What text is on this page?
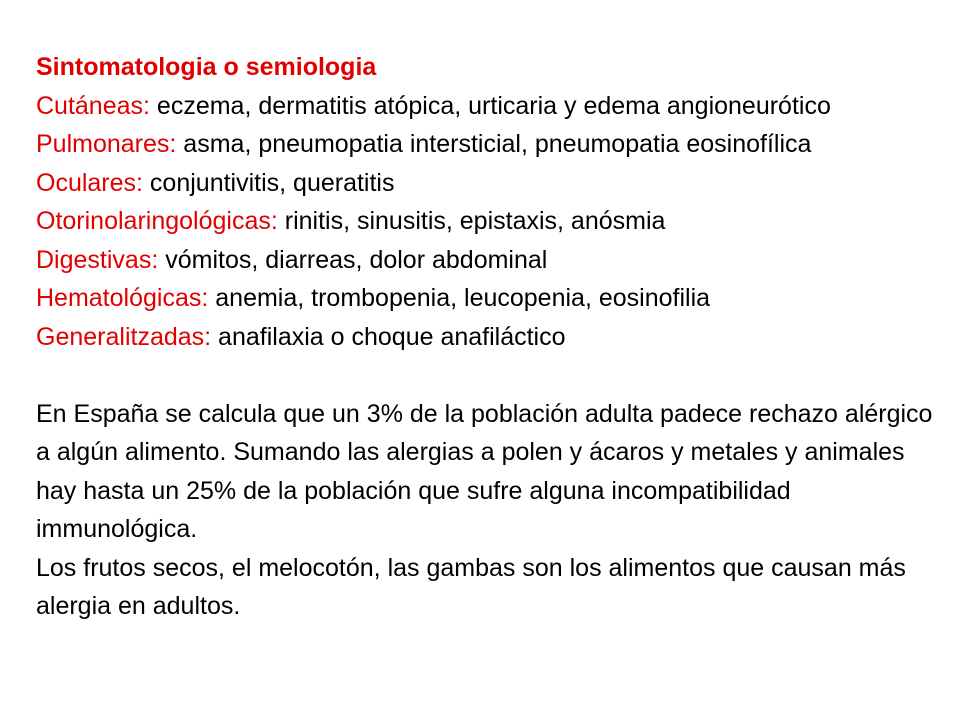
Sintomatologia o semiologia

Cutáneas: eczema, dermatitis atópica, urticaria y edema angioneurótico

Pulmonares: asma, pneumopatia intersticial, pneumopatia eosinofílica

Oculares: conjuntivitis, queratitis

Otorinolaringológicas: rinitis, sinusitis, epistaxis, anósmia

Digestivas: vómitos, diarreas, dolor abdominal

Hematológicas: anemia, trombopenia, leucopenia, eosinofilia

Generalitzadas: anafilaxia o choque anafiláctico

En España se calcula que un 3% de la población adulta padece rechazo alérgico a algún alimento. Sumando las alergias a polen y ácaros y metales y animales hay hasta un 25% de la población que sufre alguna incompatibilidad immunológica.

Los frutos secos, el melocotón, las gambas son los alimentos que causan más alergia en adultos.
